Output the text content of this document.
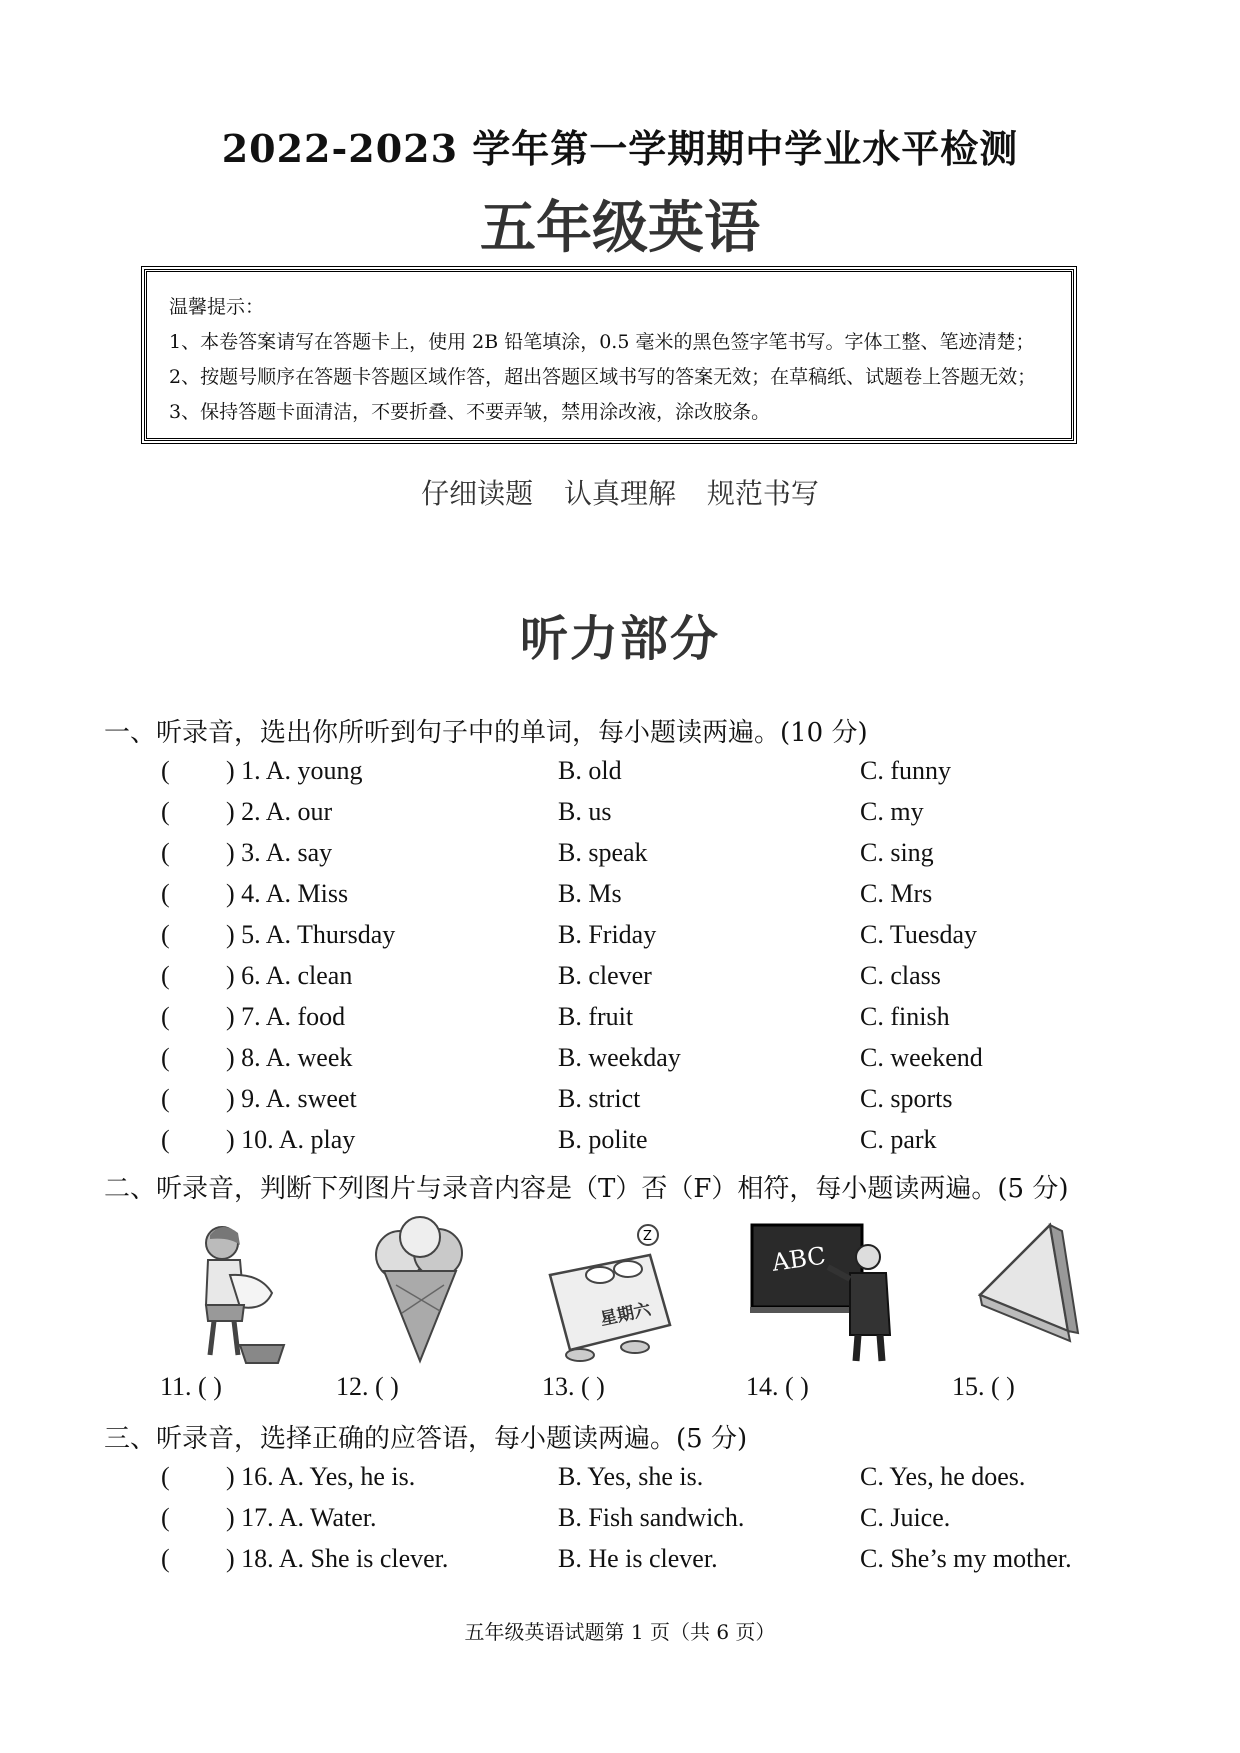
2022-2023 学年第一学期期中学业水平检测
五年级英语
温馨提示：
1、本卷答案请写在答题卡上，使用 2B 铅笔填涂，0.5 毫米的黑色签字笔书写。字体工整、笔迹清楚；
2、按题号顺序在答题卡答题区域作答，超出答题区域书写的答案无效；在草稿纸、试题卷上答题无效；
3、保持答题卡面清洁，不要折叠、不要弄皱，禁用涂改液，涂改胶条。
仔细读题 认真理解 规范书写
听力部分
一、听录音，选出你所听到句子中的单词，每小题读两遍。(10 分)
( ) 1. A. young	B. old	C. funny
( ) 2. A. our	B. us	C. my
( ) 3. A. say	B. speak	C. sing
( ) 4. A. Miss	B. Ms	C. Mrs
( ) 5. A. Thursday	B. Friday	C. Tuesday
( ) 6. A. clean	B. clever	C. class
( ) 7. A. food	B. fruit	C. finish
( ) 8. A. week	B. weekday	C. weekend
( ) 9. A. sweet	B. strict	C. sports
( ) 10. A. play	B. polite	C. park
二、听录音，判断下列图片与录音内容是（T）否（F）相符，每小题读两遍。(5 分)
Z
星期六
ABC
11. ( )	12. ( )	13. ( )	14. ( )	15. ( )
三、听录音，选择正确的应答语，每小题读两遍。(5 分)
( ) 16. A. Yes, he is.	B. Yes, she is.	C. Yes, he does.
( ) 17. A. Water.	B. Fish sandwich.	C. Juice.
( ) 18. A. She is clever.	B. He is clever.	C. She’s my mother.
五年级英语试题第 1 页（共 6 页）
